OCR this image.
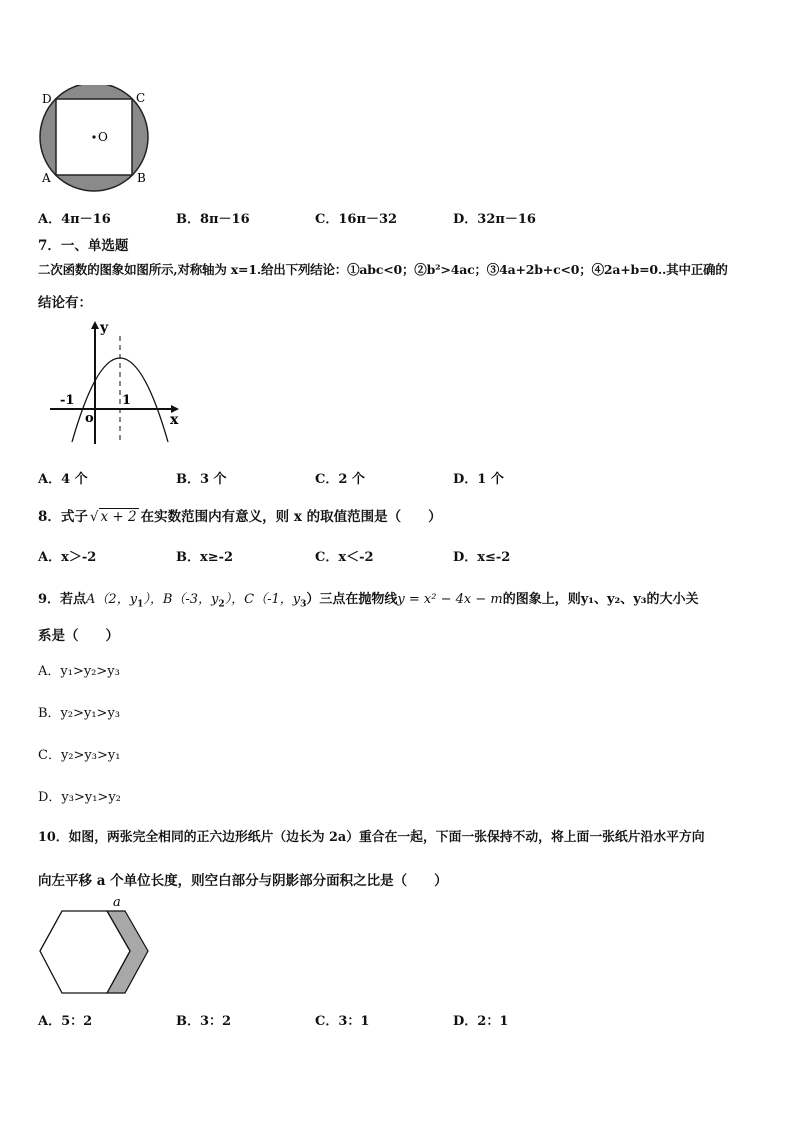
D	C
A	B
O
A．4π－16	B．8π－16	C．16π－32	D．32π－16
7．一、单选题
二次函数的图象如图所示,对称轴为 x=1.给出下列结论：①abc<0；②b²>4ac；③4a+2b+c<0；④2a+b=0..其中正确的
结论有：
y
x
o
-1	1
A．4 个	B．3 个	C．2 个	D．1 个
8．式子 √ x + 2 在实数范围内有意义，则 x 的取值范围是（　　）
A．x＞-2	B．x≥-2	C．x＜-2	D．x≤-2
9．若点A（2，$y_1$），B（-3，$y_2$），C（-1，$y_3$）三点在抛物线y = x² − 4x − m的图象上，则y₁、y₂、y₃的大小关
系是（　　）
A．y₁>y₂>y₃
B．y₂>y₁>y₃
C．y₂>y₃>y₁
D．y₃>y₁>y₂
10．如图，两张完全相同的正六边形纸片（边长为 2a）重合在一起，下面一张保持不动，将上面一张纸片沿水平方向
向左平移 a 个单位长度，则空白部分与阴影部分面积之比是（　　）
a
A．5：2	B．3：2	C．3：1	D．2：1
